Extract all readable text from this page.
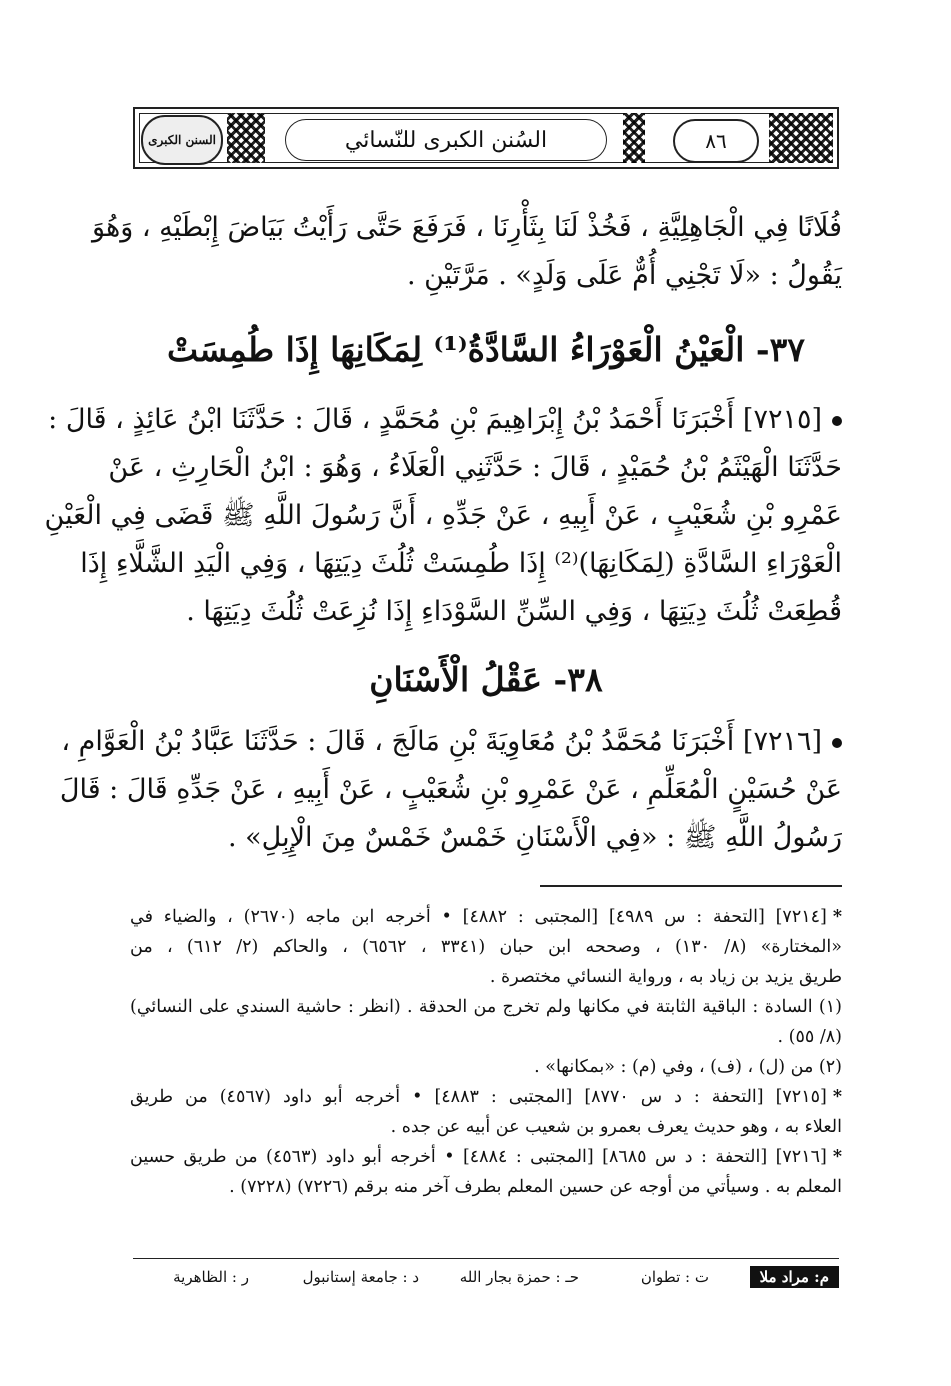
السنن الكبرى	السُنن الكبرى للنّسائي	٨٦
فُلَانًا فِي الْجَاهِلِيَّةِ ، فَخُذْ لَنَا بِثَأْرِنَا ، فَرَفَعَ حَتَّى رَأَيْتُ بَيَاضَ إِبْطَيْهِ ، وَهُوَ
يَقُولُ : «لَا تَجْنِي أُمٌّ عَلَى وَلَدٍ» . مَرَّتَيْنِ .
٣٧- الْعَيْنُ الْعَوْرَاءُ السَّادَّةُ⁽¹⁾ لِمَكَانِهَا إِذَا طُمِسَتْ
[٧٢١٥] أَخْبَرَنَا أَحْمَدُ بْنُ إِبْرَاهِيمَ بْنِ مُحَمَّدٍ ، قَالَ : حَدَّثَنَا ابْنُ عَائِذٍ ، قَالَ :
حَدَّثَنَا الْهَيْثَمُ بْنُ حُمَيْدٍ ، قَالَ : حَدَّثَنِي الْعَلَاءُ ، وَهُوَ : ابْنُ الْحَارِثِ ، عَنْ
عَمْرِو بْنِ شُعَيْبٍ ، عَنْ أَبِيهِ ، عَنْ جَدِّهِ ، أَنَّ رَسُولَ اللَّهِ ﷺ قَضَى فِي الْعَيْنِ
الْعَوْرَاءِ السَّادَّةِ (لِمَكَانِهَا)⁽²⁾ إِذَا طُمِسَتْ ثُلُثَ دِيَتِهَا ، وَفِي الْيَدِ الشَّلَّاءِ إِذَا
قُطِعَتْ ثُلُثَ دِيَتِهَا ، وَفِي السِّنِّ السَّوْدَاءِ إِذَا نُزِعَتْ ثُلُثَ دِيَتِهَا .
٣٨- عَقْلُ الْأَسْنَانِ
[٧٢١٦] أَخْبَرَنَا مُحَمَّدُ بْنُ مُعَاوِيَةَ بْنِ مَالَجَ ، قَالَ : حَدَّثَنَا عَبَّادُ بْنُ الْعَوَّامِ ،
عَنْ حُسَيْنٍ الْمُعَلِّمِ ، عَنْ عَمْرِو بْنِ شُعَيْبٍ ، عَنْ أَبِيهِ ، عَنْ جَدِّهِ قَالَ : قَالَ
رَسُولُ اللَّهِ ﷺ : «فِي الْأَسْنَانِ خَمْسٌ خَمْسٌ مِنَ الْإِبِلِ» .
*[٧٢١٤] [التحفة : س ٤٩٨٩] [المجتبى : ٤٨٨٢] • أخرجه ابن ماجه (٢٦٧٠) ، والضياء في
«المختارة» (٨/ ١٣٠) ، وصححه ابن حبان (٣٣٤١ ، ٦٥٦٢) ، والحاكم (٢/ ٦١٢) ، من
طريق يزيد بن زياد به ، ورواية النسائي مختصرة .
(١) السادة : الباقية الثابتة في مكانها ولم تخرج من الحدقة . (انظر : حاشية السندي على النسائي)
(٨/ ٥٥) .
(٢) من (ل) ، (ف) ، وفي (م) : «بمكانها» .
*[٧٢١٥] [التحفة : د س ٨٧٧٠] [المجتبى : ٤٨٨٣] • أخرجه أبو داود (٤٥٦٧) من طريق
العلاء به ، وهو حديث يعرف بعمرو بن شعيب عن أبيه عن جده .
*[٧٢١٦] [التحفة : د س ٨٦٨٥] [المجتبى : ٤٨٨٤] • أخرجه أبو داود (٤٥٦٣) من طريق حسين
المعلم به . وسيأتي من أوجه عن حسين المعلم بطرف آخر منه برقم (٧٢٢٦) (٧٢٢٨) .
م: مراد ملا
ت : تطوان
حـ : حمزة بجار الله
د : جامعة إستانبول
ر : الظاهرية
